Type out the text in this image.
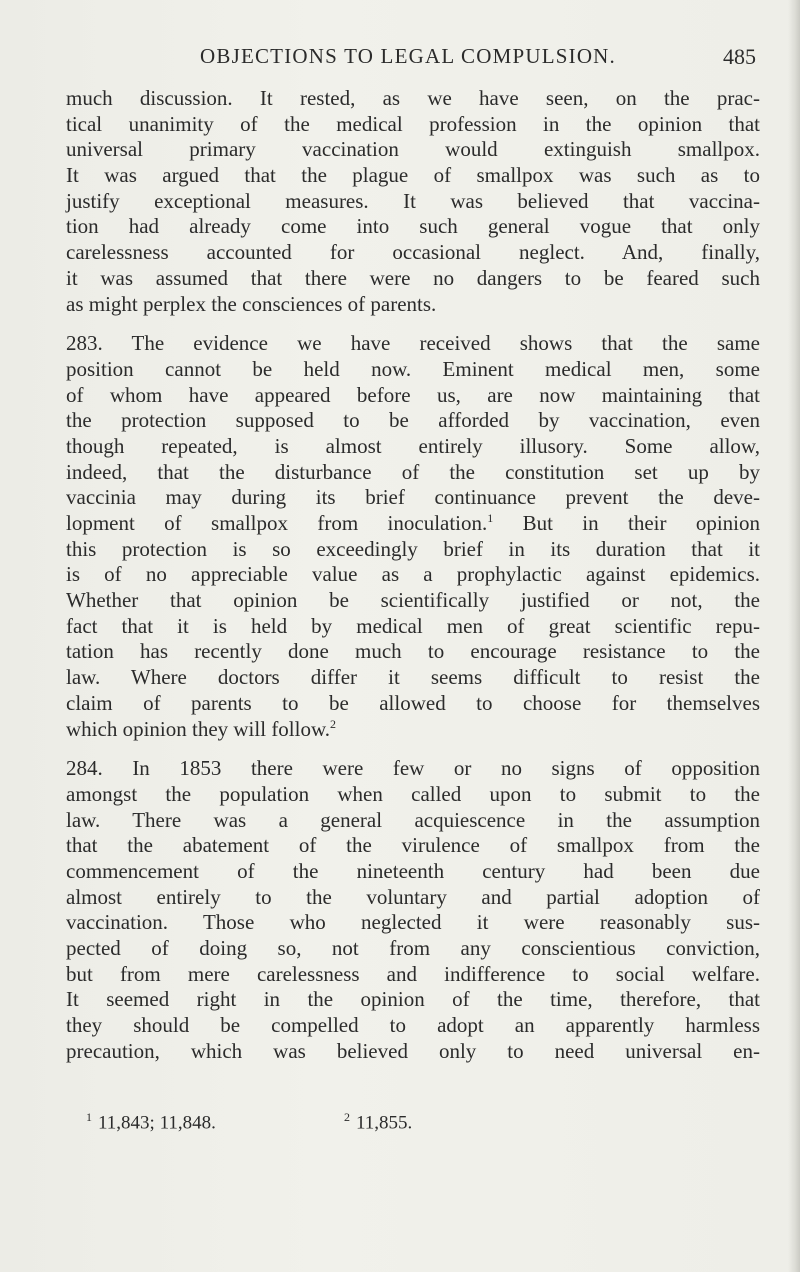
OBJECTIONS TO LEGAL COMPULSION.	485
much discussion. It rested, as we have seen, on the prac-
tical unanimity of the medical profession in the opinion that
universal primary vaccination would extinguish smallpox.
It was argued that the plague of smallpox was such as to
justify exceptional measures. It was believed that vaccina-
tion had already come into such general vogue that only
carelessness accounted for occasional neglect. And, finally,
it was assumed that there were no dangers to be feared such
as might perplex the consciences of parents.
283. The evidence we have received shows that the same
position cannot be held now. Eminent medical men, some
of whom have appeared before us, are now maintaining that
the protection supposed to be afforded by vaccination, even
though repeated, is almost entirely illusory. Some allow,
indeed, that the disturbance of the constitution set up by
vaccinia may during its brief continuance prevent the deve-
lopment of smallpox from inoculation.$^1$ But in their opinion
this protection is so exceedingly brief in its duration that it
is of no appreciable value as a prophylactic against epidemics.
Whether that opinion be scientifically justified or not, the
fact that it is held by medical men of great scientific repu-
tation has recently done much to encourage resistance to the
law. Where doctors differ it seems difficult to resist the
claim of parents to be allowed to choose for themselves
which opinion they will follow.$^2$
284. In 1853 there were few or no signs of opposition
amongst the population when called upon to submit to the
law. There was a general acquiescence in the assumption
that the abatement of the virulence of smallpox from the
commencement of the nineteenth century had been due
almost entirely to the voluntary and partial adoption of
vaccination. Those who neglected it were reasonably sus-
pected of doing so, not from any conscientious conviction,
but from mere carelessness and indifference to social welfare.
It seemed right in the opinion of the time, therefore, that
they should be compelled to adopt an apparently harmless
precaution, which was believed only to need universal en-
$^1$ 11,843; 11,848.	$^2$ 11,855.
